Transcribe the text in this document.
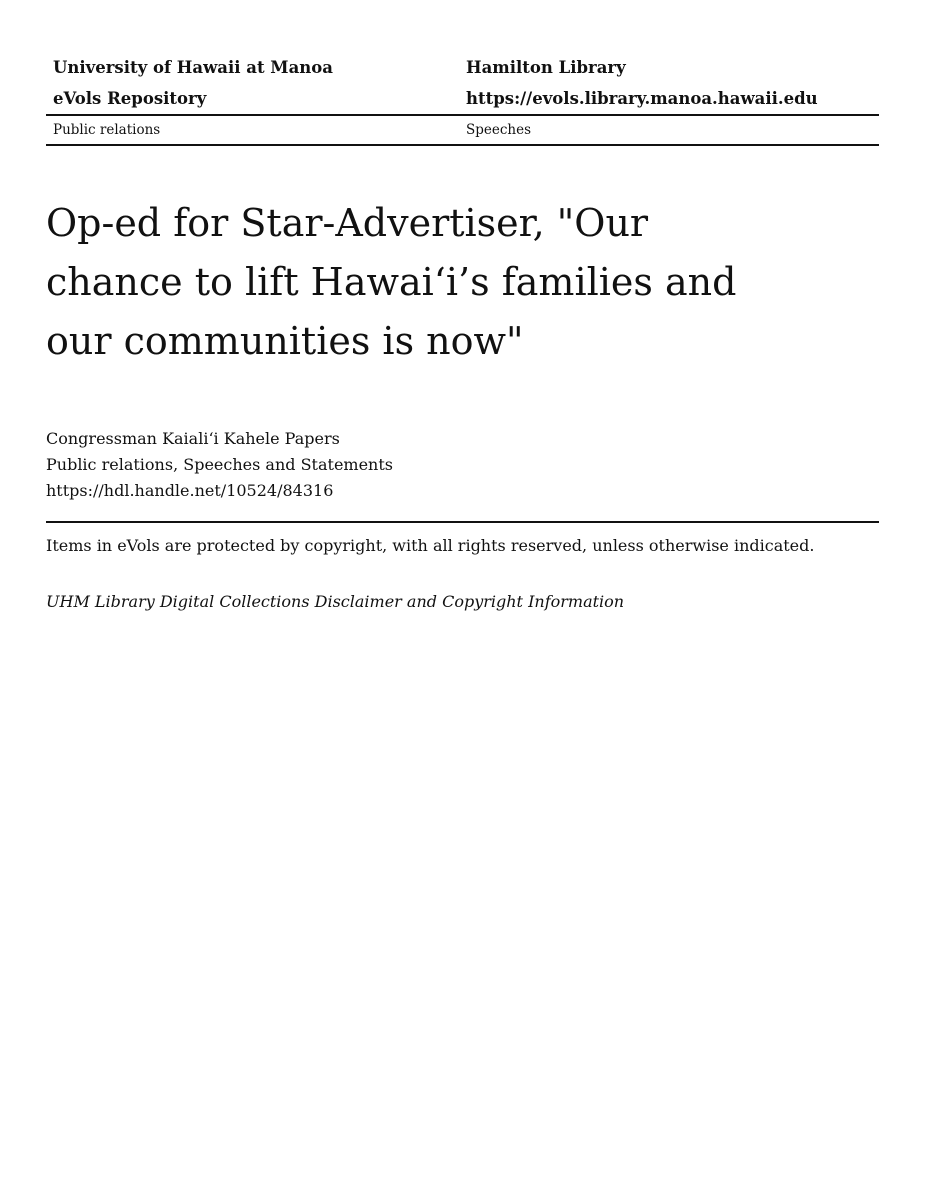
University of Hawaii at Manoa	Hamilton Library
eVols Repository	https://evols.library.manoa.hawaii.edu
Public relations	Speeches
Op-ed for Star-Advertiser, "Our
chance to lift Hawai‘i’s families and
our communities is now"
Congressman Kaiali‘i Kahele Papers
Public relations, Speeches and Statements
https://hdl.handle.net/10524/84316
Items in eVols are protected by copyright, with all rights reserved, unless otherwise indicated.
UHM Library Digital Collections Disclaimer and Copyright Information
